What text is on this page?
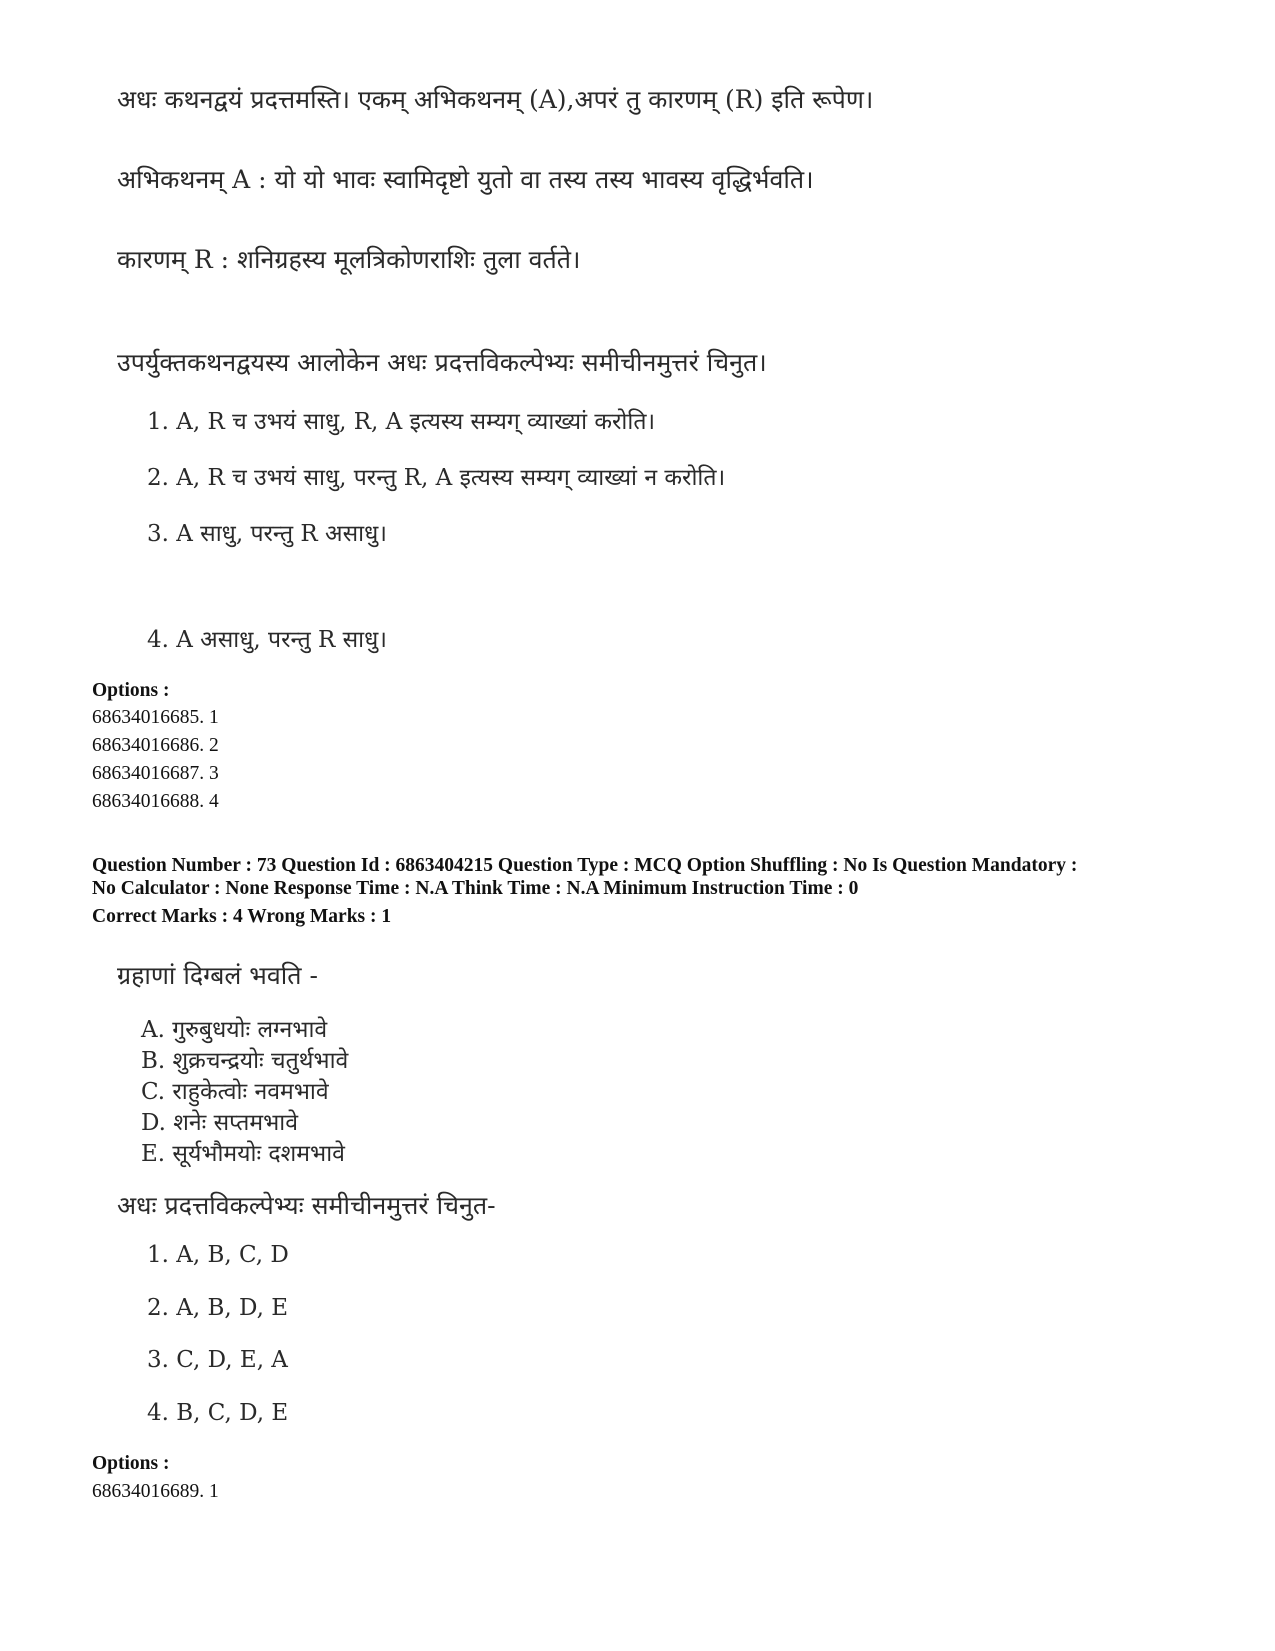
अधः कथनद्वयं प्रदत्तमस्ति। एकम् अभिकथनम् (A),अपरं तु कारणम् (R) इति रूपेण।
अभिकथनम् A : यो यो भावः स्वामिदृष्टो युतो वा तस्य तस्य भावस्य वृद्धिर्भवति।
कारणम् R : शनिग्रहस्य मूलत्रिकोणराशिः तुला वर्तते।
उपर्युक्तकथनद्वयस्य आलोकेन अधः प्रदत्तविकल्पेभ्यः समीचीनमुत्तरं चिनुत।
1. A, R च उभयं साधु, R, A इत्यस्य सम्यग् व्याख्यां करोति।
2. A, R च उभयं साधु, परन्तु R, A इत्यस्य सम्यग् व्याख्यां न करोति।
3. A साधु, परन्तु R असाधु।
4. A असाधु, परन्तु R साधु।
Options :
68634016685. 1
68634016686. 2
68634016687. 3
68634016688. 4
Question Number : 73 Question Id : 6863404215 Question Type : MCQ Option Shuffling : No Is Question Mandatory :
No Calculator : None Response Time : N.A Think Time : N.A Minimum Instruction Time : 0
Correct Marks : 4 Wrong Marks : 1
ग्रहाणां दिग्बलं भवति -
A. गुरुबुधयोः लग्नभावे
B. शुक्रचन्द्रयोः चतुर्थभावे
C. राहुकेत्वोः नवमभावे
D. शनेः सप्तमभावे
E. सूर्यभौमयोः दशमभावे
अधः प्रदत्तविकल्पेभ्यः समीचीनमुत्तरं चिनुत-
1. A, B, C, D
2. A, B, D, E
3. C, D, E, A
4. B, C, D, E
Options :
68634016689. 1
